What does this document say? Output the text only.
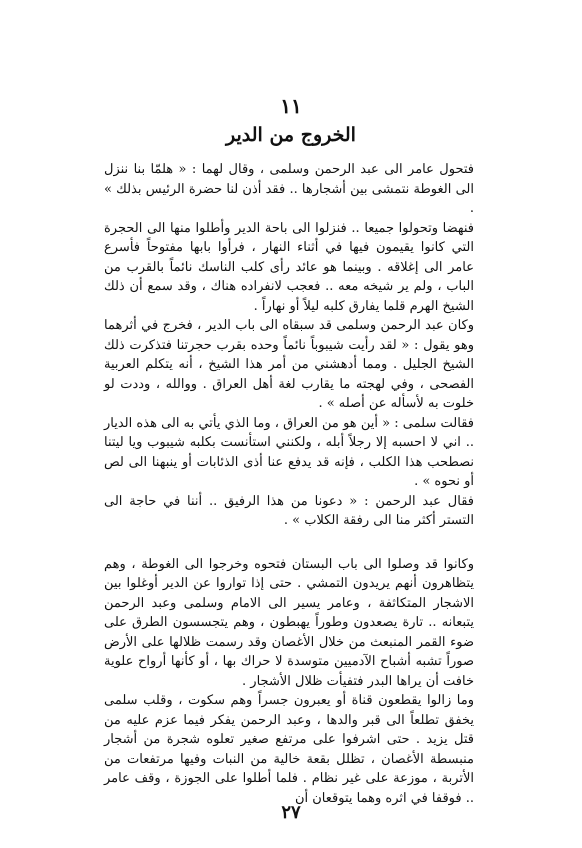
١١
الخروج من الدير

فتحول عامر الى عبد الرحمن وسلمى ، وقال لهما : « هلمّا بنا ننزل الى الغوطة نتمشى بين أشجارها .. فقد أذن لنا حضرة الرئيس بذلك » .

فنهضا وتحولوا جميعا .. فنزلوا الى باحة الدير وأطلوا منها الى الحجرة التي كانوا يقيمون فيها في أثناء النهار ، فرأوا بابها مفتوحاً فأسرع عامر الى إغلاقه . وبينما هو عائد رأى كلب الناسك نائماً بالقرب من الباب ، ولم ير شيخه معه .. فعجب لانفراده هناك ، وقد سمع أن ذلك الشيخ الهرم قلما يفارق كلبه ليلاً أو نهاراً .

وكان عبد الرحمن وسلمى قد سبقاه الى باب الدير ، فخرج في أثرهما وهو يقول : « لقد رأيت شيبوباً نائماً وحده بقرب حجرتنا فتذكرت ذلك الشيخ الجليل . ومما أدهشني من أمر هذا الشيخ ، أنه يتكلم العربية الفصحى ، وفي لهجته ما يقارب لغة أهل العراق . ووالله ، وددت لو خلوت به لأسأله عن أصله » .

فقالت سلمى : « أين هو من العراق ، وما الذي يأتي به الى هذه الديار .. اني لا احسبه إلا رجلاً أبله ، ولكنني استأنست بكلبه شيبوب ويا ليتنا نصطحب هذا الكلب ، فإنه قد يدفع عنا أذى الذئابات أو ينبهنا الى لص أو نحوه » .

فقال عبد الرحمن : « دعونا من هذا الرفيق .. أننا في حاجة الى التستر أكثر منا الى رفقة الكلاب » .

وكانوا قد وصلوا الى باب البستان فتحوه وخرجوا الى الغوطة ، وهم يتظاهرون أنهم يريدون التمشي . حتى إذا تواروا عن الدير أوغلوا بين الاشجار المتكاثفة ، وعامر يسير الى الامام وسلمى وعبد الرحمن يتبعانه .. تارة يصعدون وطوراً يهبطون ، وهم يتجسسون الطرق على ضوء القمر المنبعث من خلال الأغصان وقد رسمت ظلالها على الأرض صوراً تشبه أشباح الآدميين متوسدة لا حراك بها ، أو كأنها أرواح علوية خافت أن يراها البدر فتفيأت ظلال الأشجار .

وما زالوا يقطعون قناة أو يعبرون جسراً وهم سكوت ، وقلب سلمى يخفق تطلعاً الى قبر والدها ، وعبد الرحمن يفكر فيما عزم عليه من قتل يزيد . حتى اشرفوا على مرتفع صغير تعلوه شجرة من أشجار منبسطة الأغصان ، تظلل بقعة خالية من النبات وفيها مرتفعات من الأتربة ، موزعة على غير نظام . فلما أطلوا على الجوزة ، وقف عامر .. فوقفا في اثره وهما يتوقعان أن

٢٧
